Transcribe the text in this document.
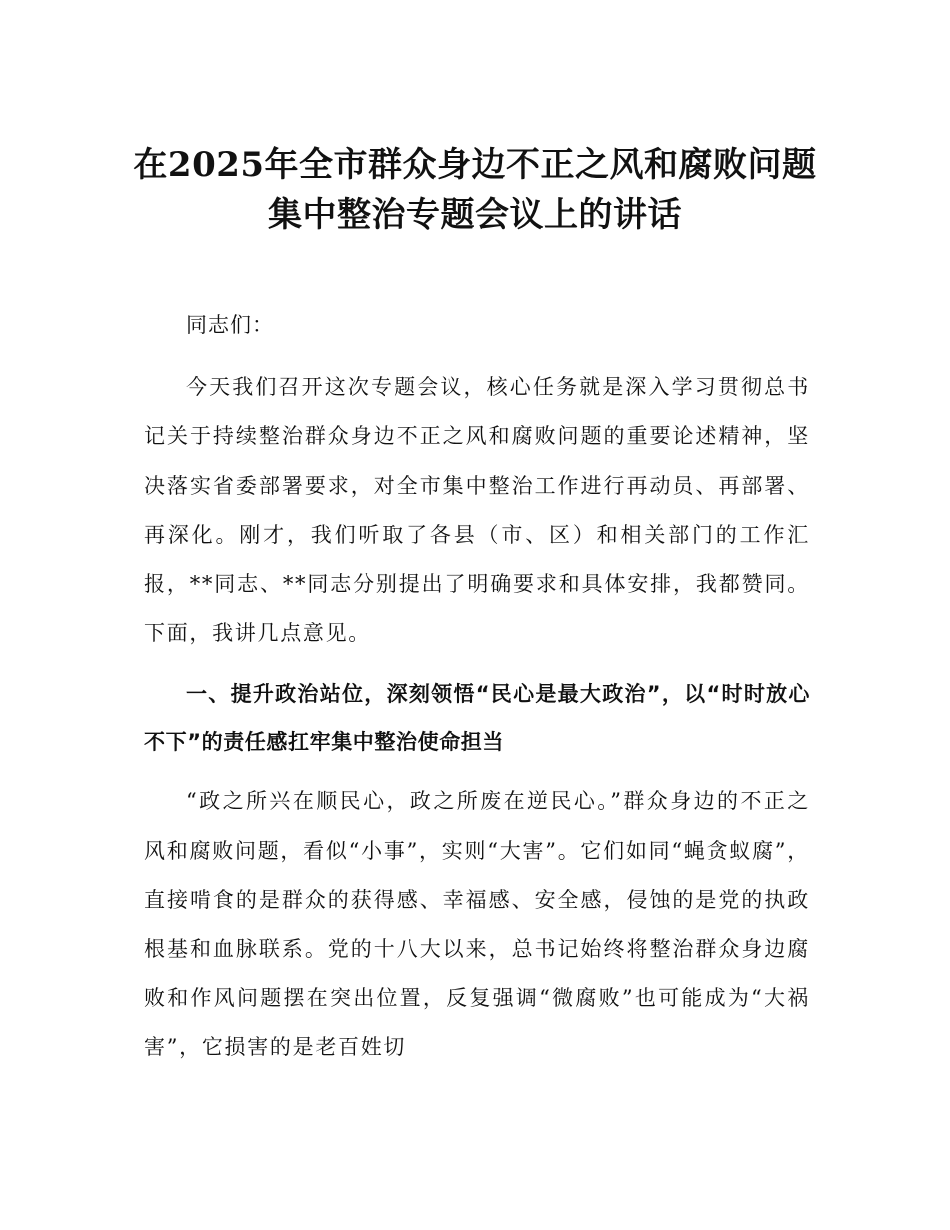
在2025年全市群众身边不正之风和腐败问题
集中整治专题会议上的讲话

同志们：

今天我们召开这次专题会议，核心任务就是深入学习贯彻总书记关于持续整治群众身边不正之风和腐败问题的重要论述精神，坚决落实省委部署要求，对全市集中整治工作进行再动员、再部署、再深化。刚才，我们听取了各县（市、区）和相关部门的工作汇报，**同志、**同志分别提出了明确要求和具体安排，我都赞同。下面，我讲几点意见。

一、提升政治站位，深刻领悟“民心是最大政治”，以“时时放心不下”的责任感扛牢集中整治使命担当

“政之所兴在顺民心，政之所废在逆民心。”群众身边的不正之风和腐败问题，看似“小事”，实则“大害”。它们如同“蝇贪蚁腐”，直接啃食的是群众的获得感、幸福感、安全感，侵蚀的是党的执政根基和血脉联系。党的十八大以来，总书记始终将整治群众身边腐败和作风问题摆在突出位置，反复强调“微腐败”也可能成为“大祸害”，它损害的是老百姓切
